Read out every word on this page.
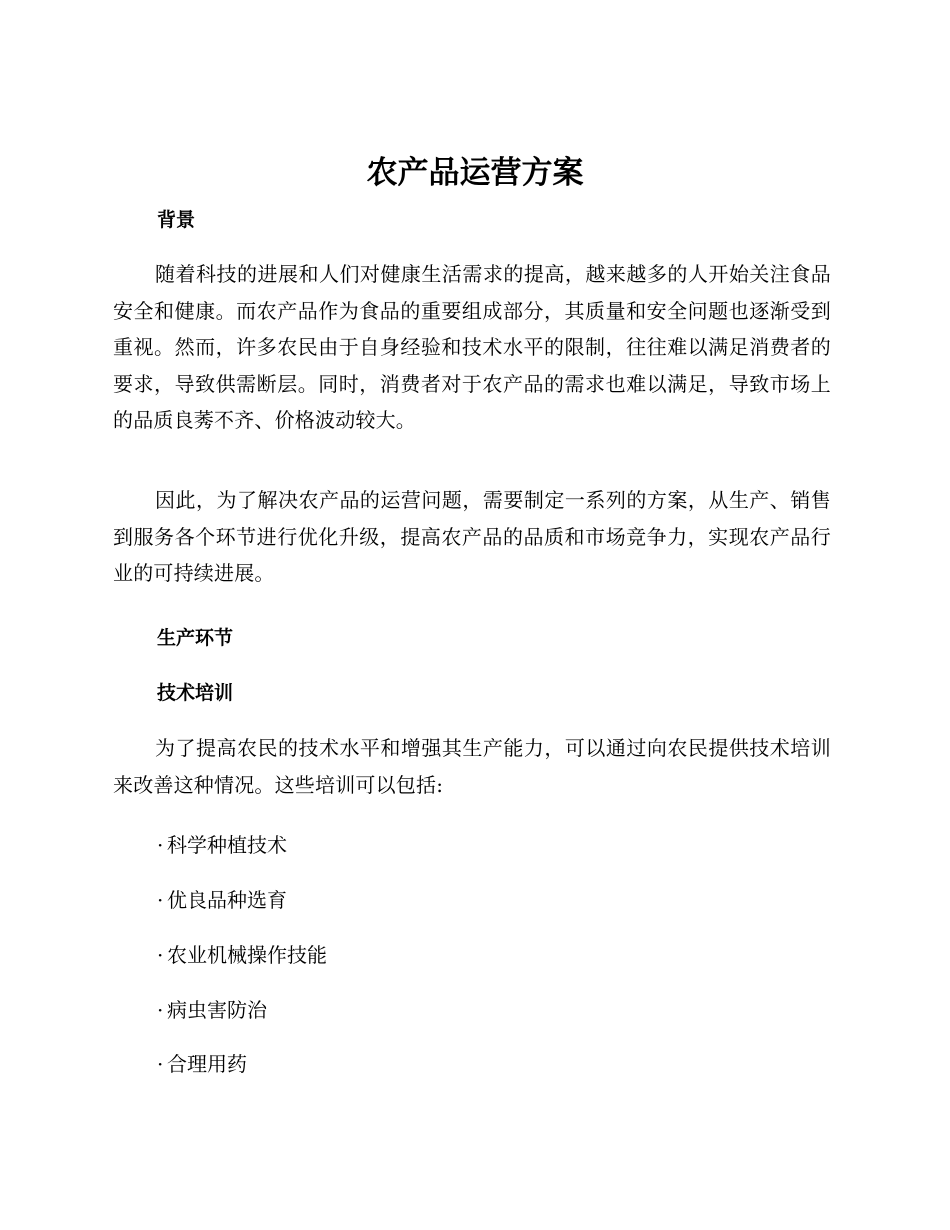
农产品运营方案
背景

随着科技的进展和人们对健康生活需求的提高，越来越多的人开始关注食品安全和健康。而农产品作为食品的重要组成部分，其质量和安全问题也逐渐受到重视。然而，许多农民由于自身经验和技术水平的限制，往往难以满足消费者的要求，导致供需断层。同时，消费者对于农产品的需求也难以满足，导致市场上的品质良莠不齐、价格波动较大。

因此，为了解决农产品的运营问题，需要制定一系列的方案，从生产、销售到服务各个环节进行优化升级，提高农产品的品质和市场竞争力，实现农产品行业的可持续进展。

生产环节
技术培训

为了提高农民的技术水平和增强其生产能力，可以通过向农民提供技术培训来改善这种情况。这些培训可以包括:

· 科学种植技术

· 优良品种选育

· 农业机械操作技能

· 病虫害防治

· 合理用药
